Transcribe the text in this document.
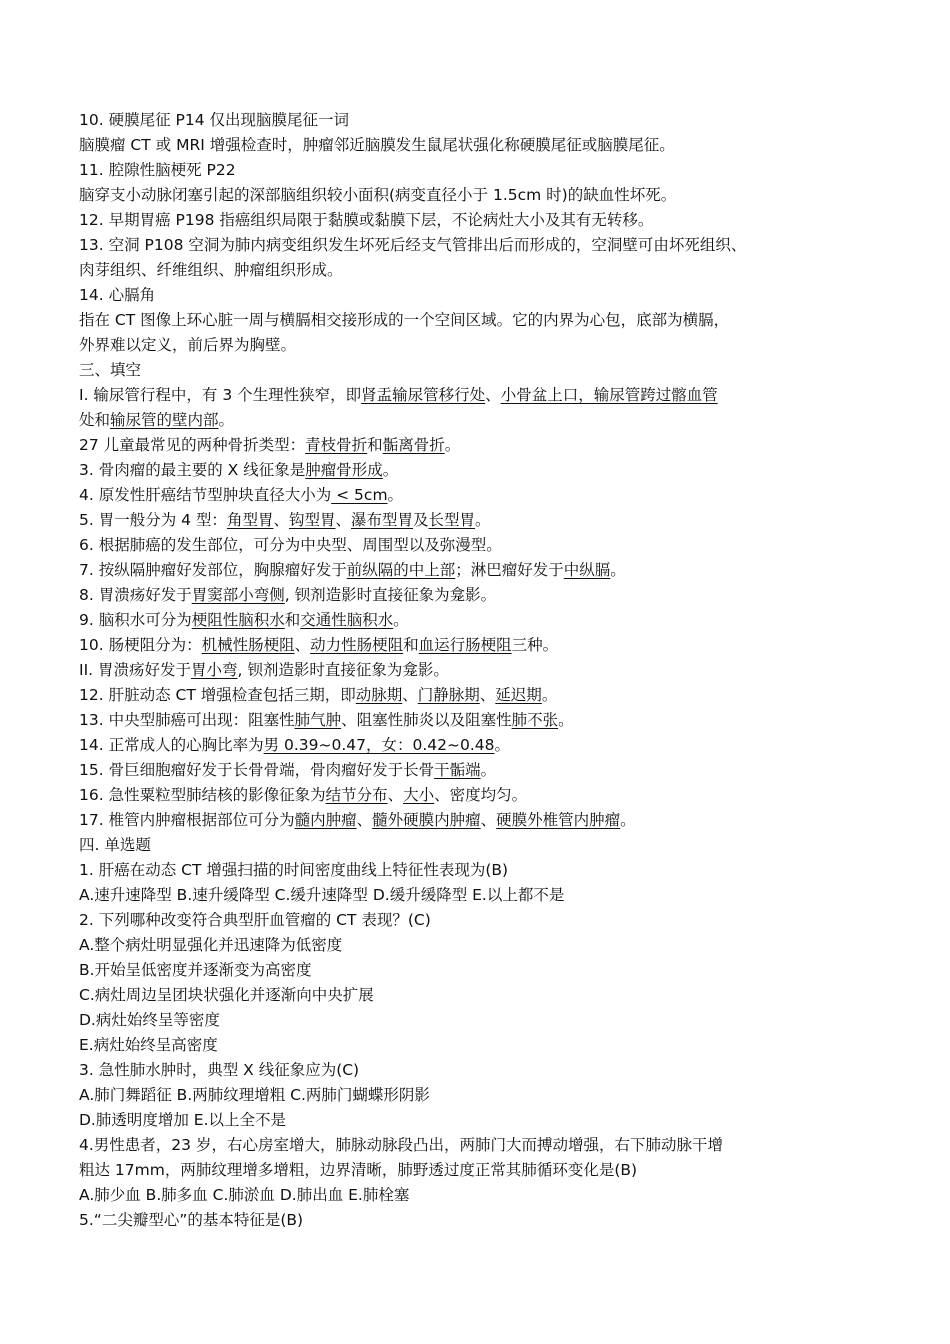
10. 硬膜尾征 P14 仅出现脑膜尾征一词
脑膜瘤 CT 或 MRI 增强检查时，肿瘤邻近脑膜发生鼠尾状强化称硬膜尾征或脑膜尾征。
11. 腔隙性脑梗死 P22
脑穿支小动脉闭塞引起的深部脑组织较小面积(病变直径小于 1.5cm 时)的缺血性坏死。
12. 早期胃癌 P198 指癌组织局限于黏膜或黏膜下层，不论病灶大小及其有无转移。
13. 空洞 P108 空洞为肺内病变组织发生坏死后经支气管排出后而形成的，空洞壁可由坏死组织、
肉芽组织、纤维组织、肿瘤组织形成。
14. 心膈角
指在 CT 图像上环心脏一周与横膈相交接形成的一个空间区域。它的内界为心包，底部为横膈，
外界难以定义，前后界为胸壁。
三、填空
I. 输尿管行程中，有 3 个生理性狭窄，即肾盂输尿管移行处、小骨盆上口，输尿管跨过髂血管
处和输尿管的壁内部。
27 儿童最常见的两种骨折类型：青枝骨折和骺离骨折。
3. 骨肉瘤的最主要的 X 线征象是肿瘤骨形成。
4. 原发性肝癌结节型肿块直径大小为 < 5cm。
5. 胃一般分为 4 型：角型胃、钩型胃、瀑布型胃及长型胃。
6. 根据肺癌的发生部位，可分为中央型、周围型以及弥漫型。
7. 按纵隔肿瘤好发部位，胸腺瘤好发于前纵隔的中上部；淋巴瘤好发于中纵膈。
8. 胃溃疡好发于胃窦部小弯侧, 钡剂造影时直接征象为龛影。
9. 脑积水可分为梗阻性脑积水和交通性脑积水。
10. 肠梗阻分为：机械性肠梗阻、动力性肠梗阻和血运行肠梗阻三种。
II. 胃溃疡好发于胃小弯, 钡剂造影时直接征象为龛影。
12. 肝脏动态 CT 增强检查包括三期，即动脉期、门静脉期、延迟期。
13. 中央型肺癌可出现：阻塞性肺气肿、阻塞性肺炎以及阻塞性肺不张。
14. 正常成人的心胸比率为男 0.39~0.47，女：0.42~0.48。
15. 骨巨细胞瘤好发于长骨骨端，骨肉瘤好发于长骨干骺端。
16. 急性粟粒型肺结核的影像征象为结节分布、大小、密度均匀。
17. 椎管内肿瘤根据部位可分为髓内肿瘤、髓外硬膜内肿瘤、硬膜外椎管内肿瘤。
四. 单选题
1. 肝癌在动态 CT 增强扫描的时间密度曲线上特征性表现为(B)
A.速升速降型 B.速升缓降型 C.缓升速降型 D.缓升缓降型 E.以上都不是
2. 下列哪种改变符合典型肝血管瘤的 CT 表现？(C)
A.整个病灶明显强化并迅速降为低密度
B.开始呈低密度并逐渐变为高密度
C.病灶周边呈团块状强化并逐渐向中央扩展
D.病灶始终呈等密度
E.病灶始终呈高密度
3. 急性肺水肿时，典型 X 线征象应为(C)
A.肺门舞蹈征 B.两肺纹理增粗 C.两肺门蝴蝶形阴影
D.肺透明度增加 E.以上全不是
4.男性患者，23 岁，右心房室增大，肺脉动脉段凸出，两肺门大而搏动增强，右下肺动脉干增
粗达 17mm，两肺纹理增多增粗，边界清晰，肺野透过度正常其肺循环变化是(B)
A.肺少血 B.肺多血 C.肺淤血 D.肺出血 E.肺栓塞
5.“二尖瓣型心”的基本特征是(B)
